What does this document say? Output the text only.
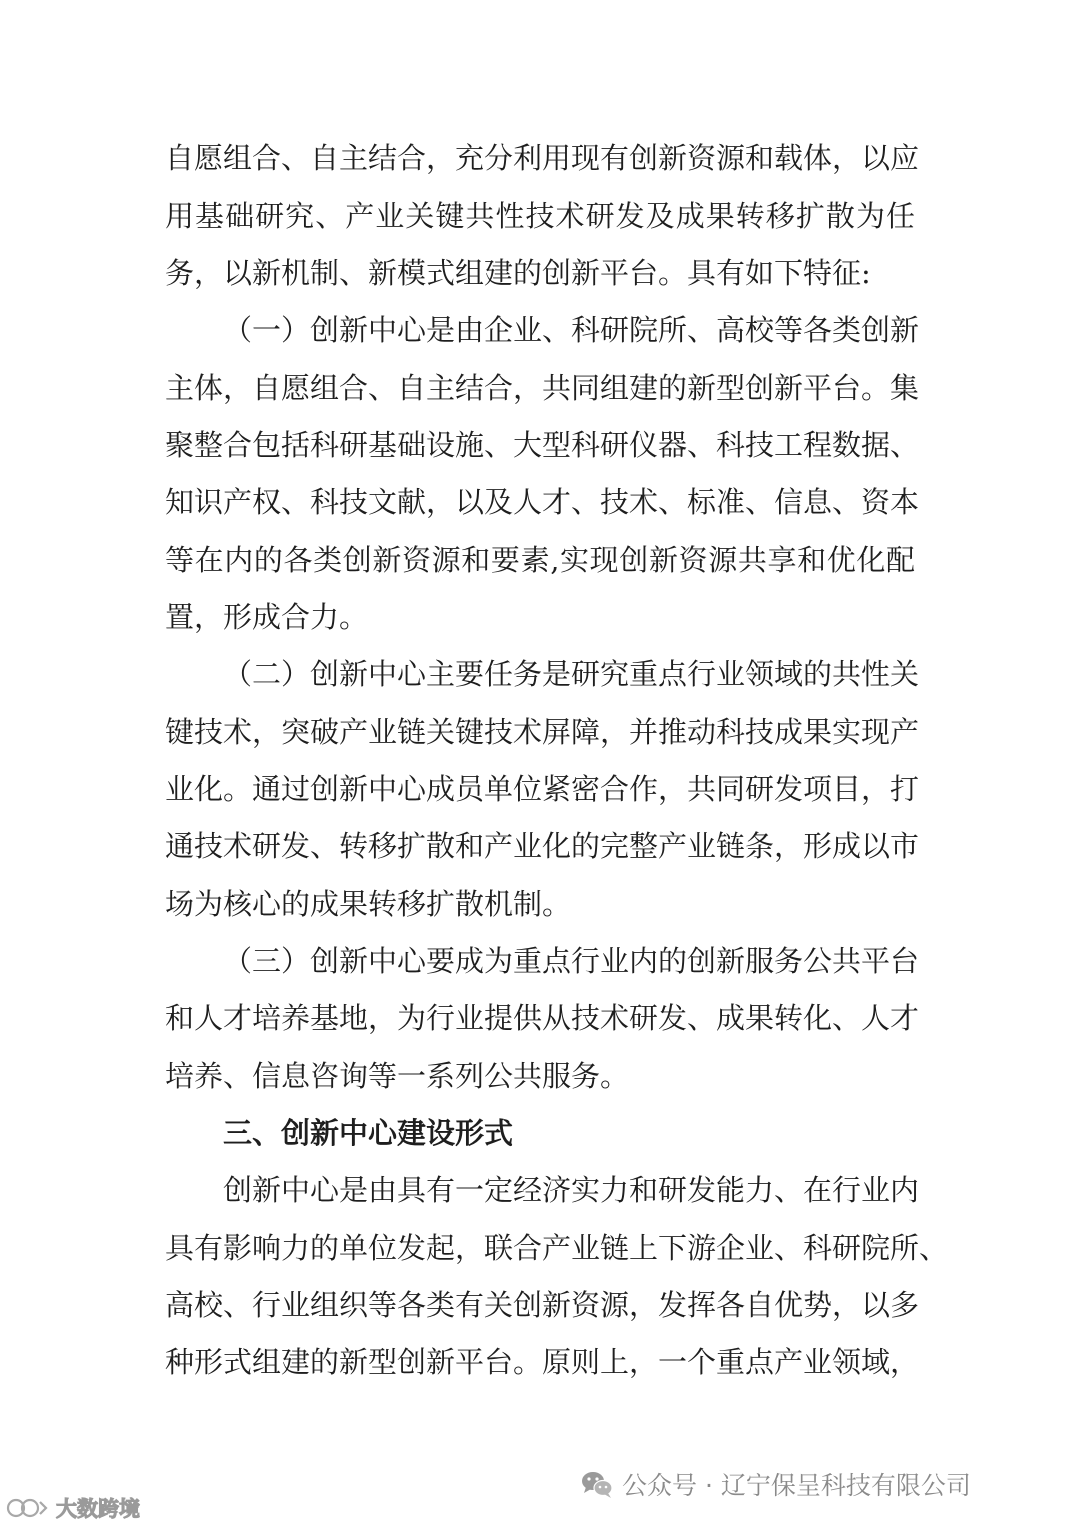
自愿组合、自主结合，充分利用现有创新资源和载体，以应
用基础研究、产业关键共性技术研发及成果转移扩散为任
务，以新机制、新模式组建的创新平台。具有如下特征:
（一）创新中心是由企业、科研院所、高校等各类创新
主体，自愿组合、自主结合，共同组建的新型创新平台。集
聚整合包括科研基础设施、大型科研仪器、科技工程数据、
知识产权、科技文献，以及人才、技术、标准、信息、资本
等在内的各类创新资源和要素,实现创新资源共享和优化配
置，形成合力。
（二）创新中心主要任务是研究重点行业领域的共性关
键技术，突破产业链关键技术屏障，并推动科技成果实现产
业化。通过创新中心成员单位紧密合作，共同研发项目，打
通技术研发、转移扩散和产业化的完整产业链条，形成以市
场为核心的成果转移扩散机制。
（三）创新中心要成为重点行业内的创新服务公共平台
和人才培养基地，为行业提供从技术研发、成果转化、人才
培养、信息咨询等一系列公共服务。
三、创新中心建设形式
创新中心是由具有一定经济实力和研发能力、在行业内
具有影响力的单位发起，联合产业链上下游企业、科研院所、
高校、行业组织等各类有关创新资源，发挥各自优势，以多
种形式组建的新型创新平台。原则上，一个重点产业领域，
公众号 · 辽宁保呈科技有限公司
大数跨境
